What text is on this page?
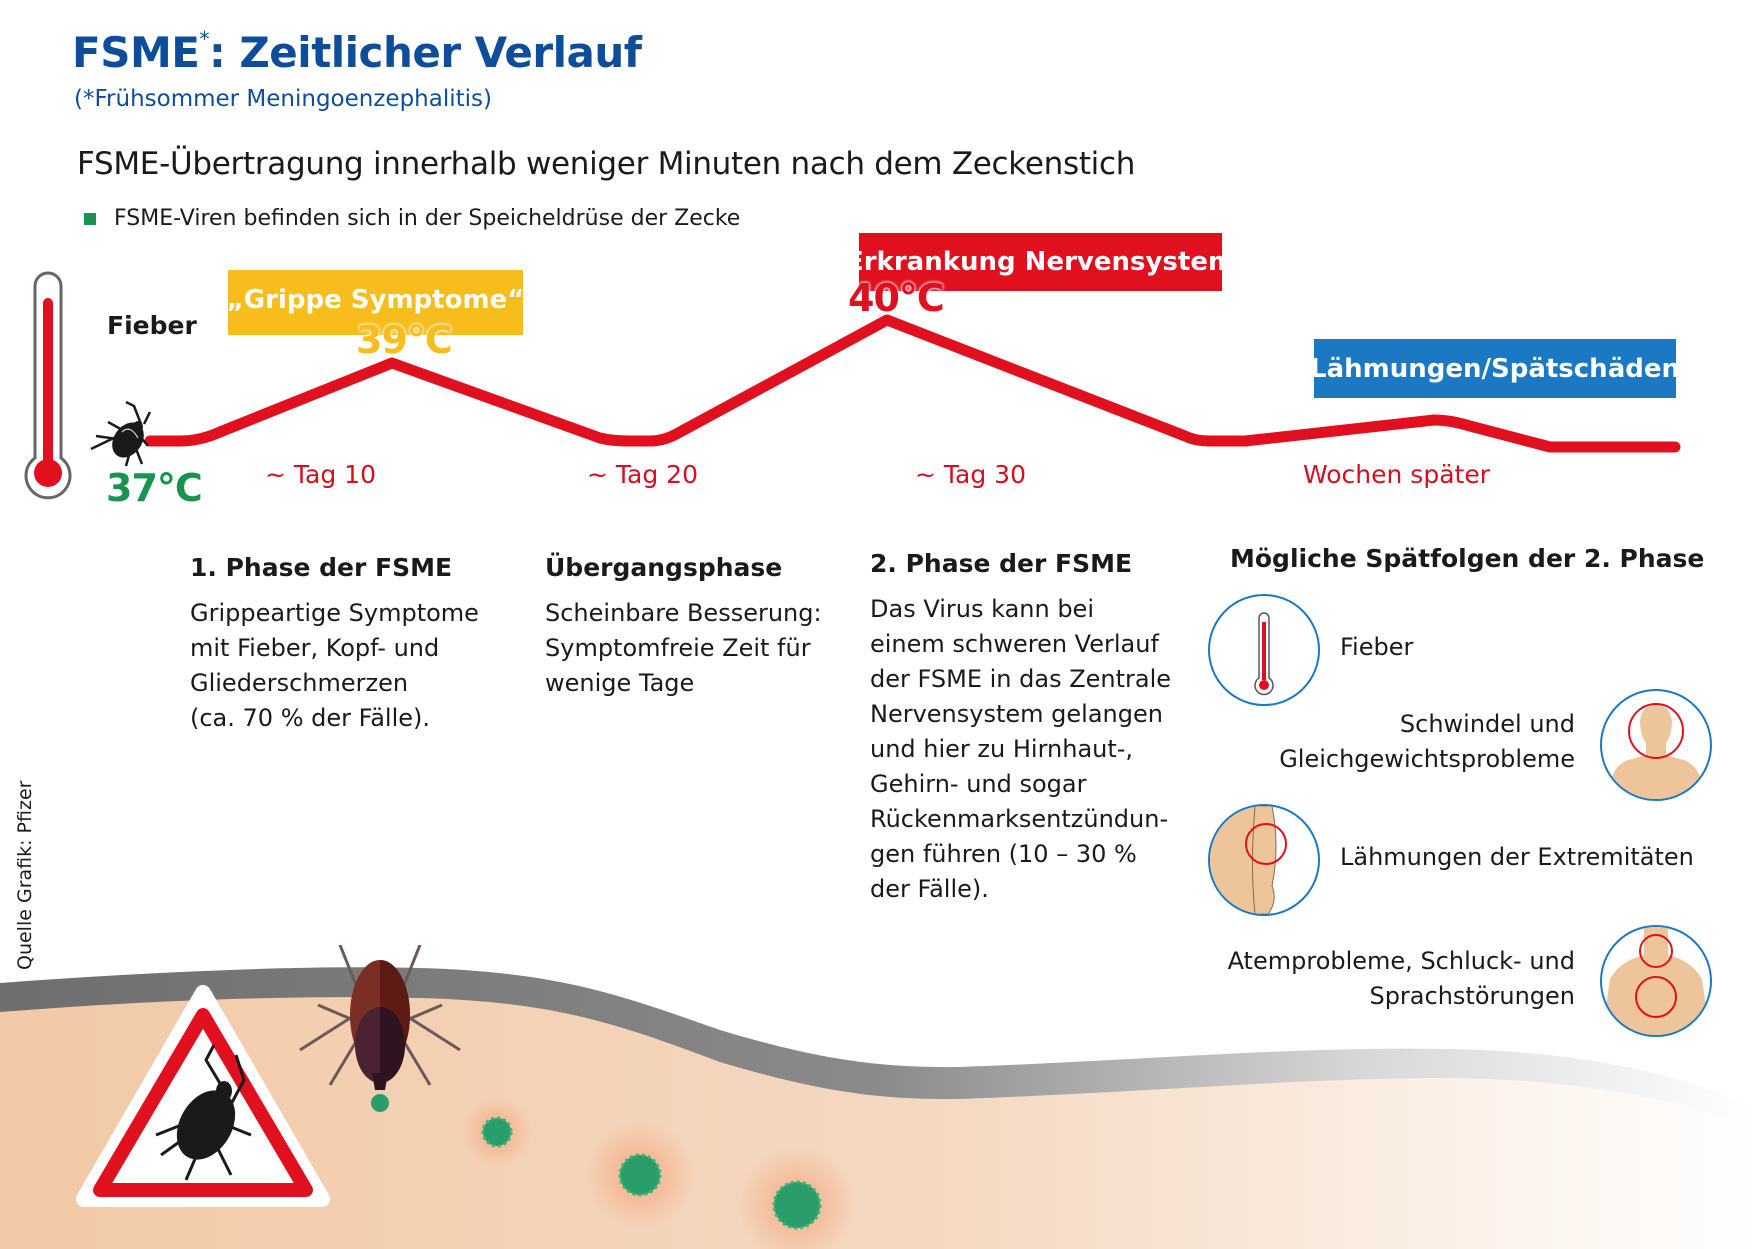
FSME*: Zeitlicher Verlauf
(*Frühsommer Meningoenzephalitis)
FSME-Übertragung innerhalb weniger Minuten nach dem Zeckenstich
FSME-Viren befinden sich in der Speicheldrüse der Zecke
Fieber
37°C
„Grippe Symptome“
39°C
Erkrankung Nervensystem
40°C
Lähmungen/Spätschäden
~ Tag 10	~ Tag 20	~ Tag 30	Wochen später
1. Phase der FSME

Grippeartige Symptome

mit Fieber, Kopf- und

Gliederschmerzen

(ca. 70 % der Fälle).

Übergangsphase

Scheinbare Besserung:

Symptomfreie Zeit für

wenige Tage

2. Phase der FSME

Das Virus kann bei

einem schweren Verlauf

der FSME in das Zentrale

Nervensystem gelangen

und hier zu Hirnhaut-,

Gehirn- und sogar

Rückenmarksentzündun-

gen führen (10 – 30 %

der Fälle).

Mögliche Spätfolgen der 2. Phase
Fieber
Schwindel und
Gleichgewichtsprobleme
Lähmungen der Extremitäten
Atemprobleme, Schluck- und
Sprachstörungen
Quelle Grafik: Pfizer
